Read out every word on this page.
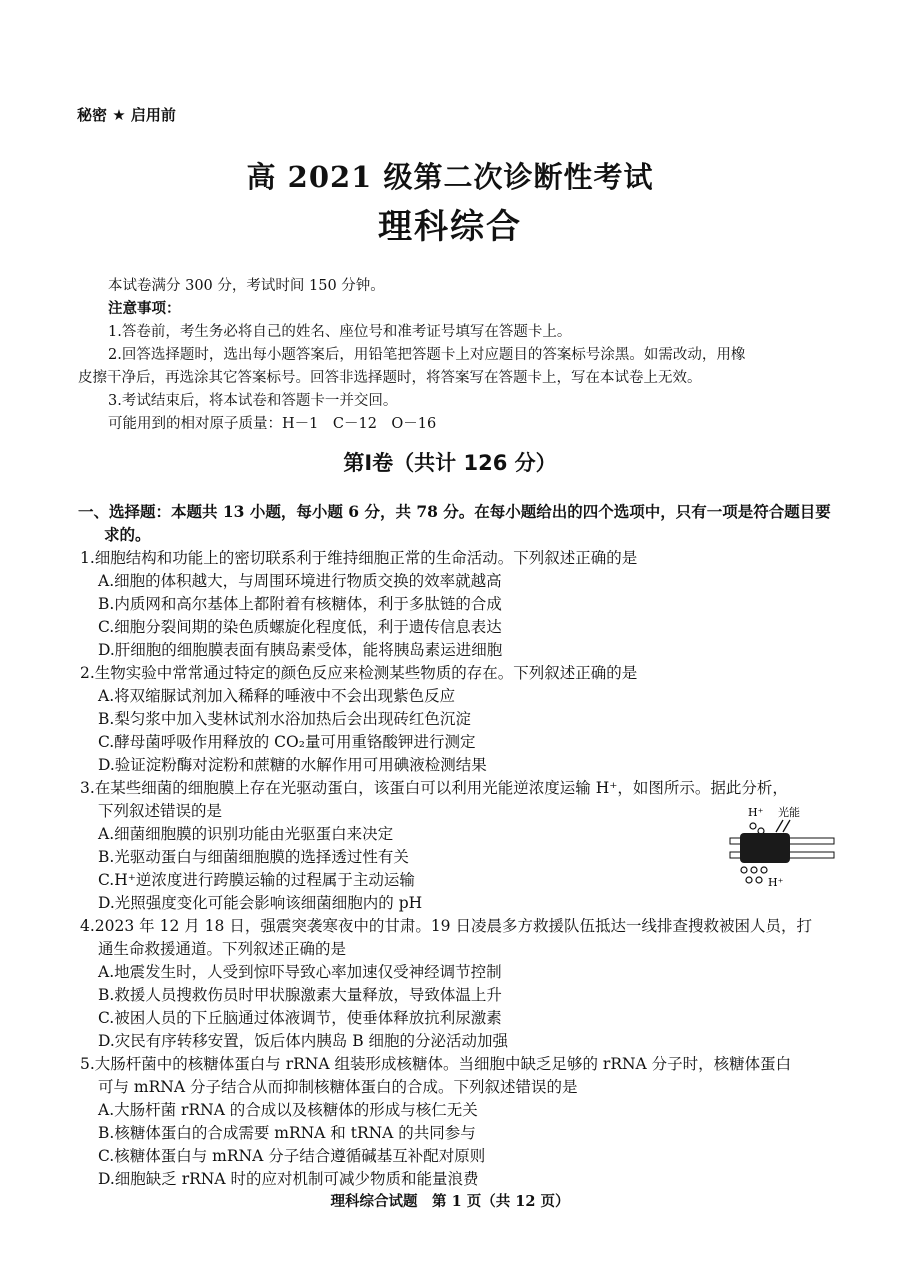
秘密 ★ 启用前
高 2021 级第二次诊断性考试
理科综合
本试卷满分 300 分，考试时间 150 分钟。
注意事项：
1.答卷前，考生务必将自己的姓名、座位号和准考证号填写在答题卡上。
2.回答选择题时，选出每小题答案后，用铅笔把答题卡上对应题目的答案标号涂黑。如需改动，用橡
皮擦干净后，再选涂其它答案标号。回答非选择题时，将答案写在答题卡上，写在本试卷上无效。
3.考试结束后，将本试卷和答题卡一并交回。
可能用到的相对原子质量：H－1　C－12　O－16
第Ⅰ卷（共计 126 分）
一、选择题：本题共 13 小题，每小题 6 分，共 78 分。在每小题给出的四个选项中，只有一项是符合题目要
求的。
1.细胞结构和功能上的密切联系利于维持细胞正常的生命活动。下列叙述正确的是
A.细胞的体积越大，与周围环境进行物质交换的效率就越高
B.内质网和高尔基体上都附着有核糖体，利于多肽链的合成
C.细胞分裂间期的染色质螺旋化程度低，利于遗传信息表达
D.肝细胞的细胞膜表面有胰岛素受体，能将胰岛素运进细胞
2.生物实验中常常通过特定的颜色反应来检测某些物质的存在。下列叙述正确的是
A.将双缩脲试剂加入稀释的唾液中不会出现紫色反应
B.梨匀浆中加入斐林试剂水浴加热后会出现砖红色沉淀
C.酵母菌呼吸作用释放的 CO₂量可用重铬酸钾进行测定
D.验证淀粉酶对淀粉和蔗糖的水解作用可用碘液检测结果
3.在某些细菌的细胞膜上存在光驱动蛋白，该蛋白可以利用光能逆浓度运输 H⁺，如图所示。据此分析，
下列叙述错误的是
A.细菌细胞膜的识别功能由光驱蛋白来决定
B.光驱动蛋白与细菌细胞膜的选择透过性有关
C.H⁺逆浓度进行跨膜运输的过程属于主动运输
D.光照强度变化可能会影响该细菌细胞内的 pH
H⁺ 光能
H⁺
4.2023 年 12 月 18 日，强震突袭寒夜中的甘肃。19 日凌晨多方救援队伍抵达一线排查搜救被困人员，打
通生命救援通道。下列叙述正确的是
A.地震发生时，人受到惊吓导致心率加速仅受神经调节控制
B.救援人员搜救伤员时甲状腺激素大量释放，导致体温上升
C.被困人员的下丘脑通过体液调节，使垂体释放抗利尿激素
D.灾民有序转移安置，饭后体内胰岛 B 细胞的分泌活动加强
5.大肠杆菌中的核糖体蛋白与 rRNA 组装形成核糖体。当细胞中缺乏足够的 rRNA 分子时，核糖体蛋白
可与 mRNA 分子结合从而抑制核糖体蛋白的合成。下列叙述错误的是
A.大肠杆菌 rRNA 的合成以及核糖体的形成与核仁无关
B.核糖体蛋白的合成需要 mRNA 和 tRNA 的共同参与
C.核糖体蛋白与 mRNA 分子结合遵循碱基互补配对原则
D.细胞缺乏 rRNA 时的应对机制可减少物质和能量浪费
理科综合试题　第 1 页（共 12 页）
